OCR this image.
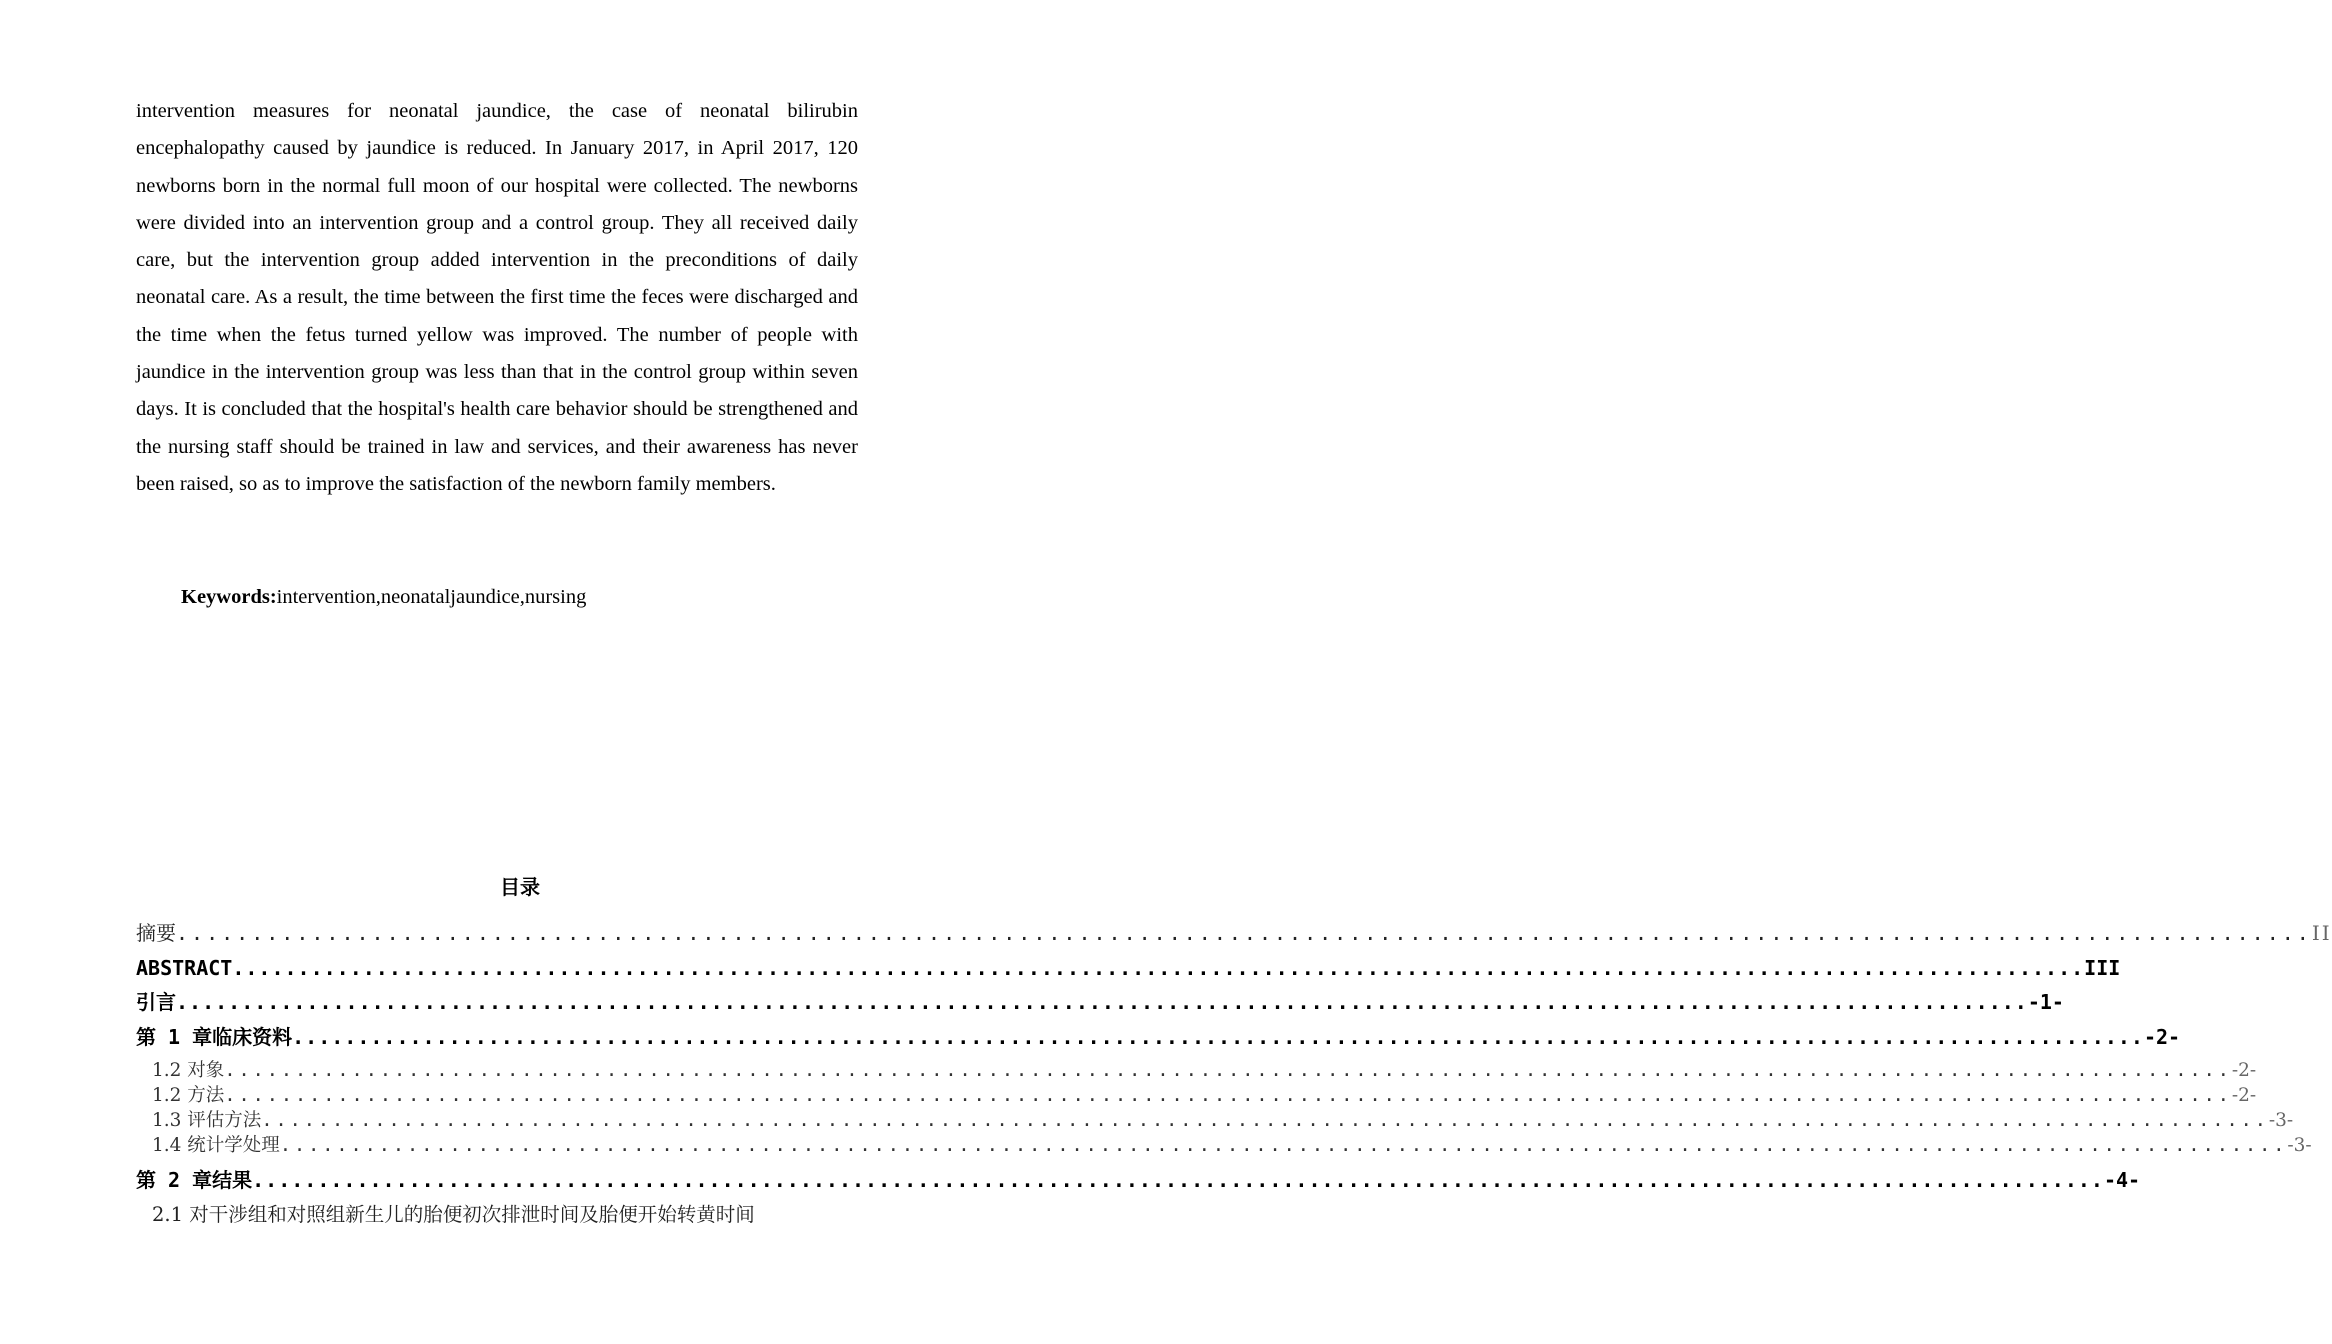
intervention measures for neonatal jaundice, the case of neonatal bilirubin encephalopathy caused by jaundice is reduced. In January 2017, in April 2017, 120 newborns born in the normal full moon of our hospital were collected. The newborns were divided into an intervention group and a control group. They all received daily care, but the intervention group added intervention in the preconditions of daily neonatal care. As a result, the time between the first time the feces were discharged and the time when the fetus turned yellow was improved. The number of people with jaundice in the intervention group was less than that in the control group within seven days. It is concluded that the hospital's health care behavior should be strengthened and the nursing staff should be trained in law and services, and their awareness has never been raised, so as to improve the satisfaction of the newborn family members.

Keywords:intervention,neonataljaundice,nursing

目录
摘要 .............................................................................................................................................. II
ABSTRACT .............................................................................................................................................. III
引言 .............................................................................................................................................. -1-
第 1 章临床资料 .............................................................................................................................................. -2-
1.2 对象 .............................................................................................................................................. -2-
1.2 方法 .............................................................................................................................................. -2-
1.3 评估方法 .............................................................................................................................................. -3-
1.4 统计学处理 .............................................................................................................................................. -3-
第 2 章结果 .............................................................................................................................................. -4-
2.1 对干涉组和对照组新生儿的胎便初次排泄时间及胎便开始转黄时间
